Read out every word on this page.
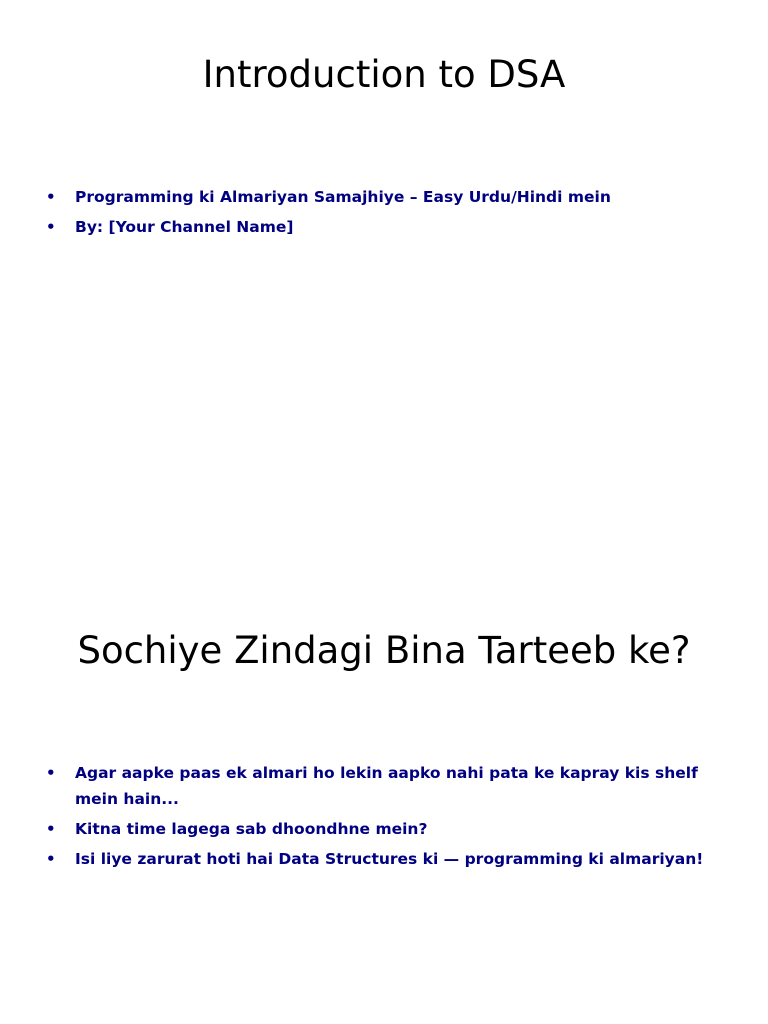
Introduction to DSA
• Programming ki Almariyan Samajhiye – Easy Urdu/Hindi mein
• By: [Your Channel Name]
Sochiye Zindagi Bina Tarteeb ke?
• Agar aapke paas ek almari ho lekin aapko nahi pata ke kapray kis shelf mein hain...
• Kitna time lagega sab dhoondhne mein?
• Isi liye zarurat hoti hai Data Structures ki — programming ki almariyan!
